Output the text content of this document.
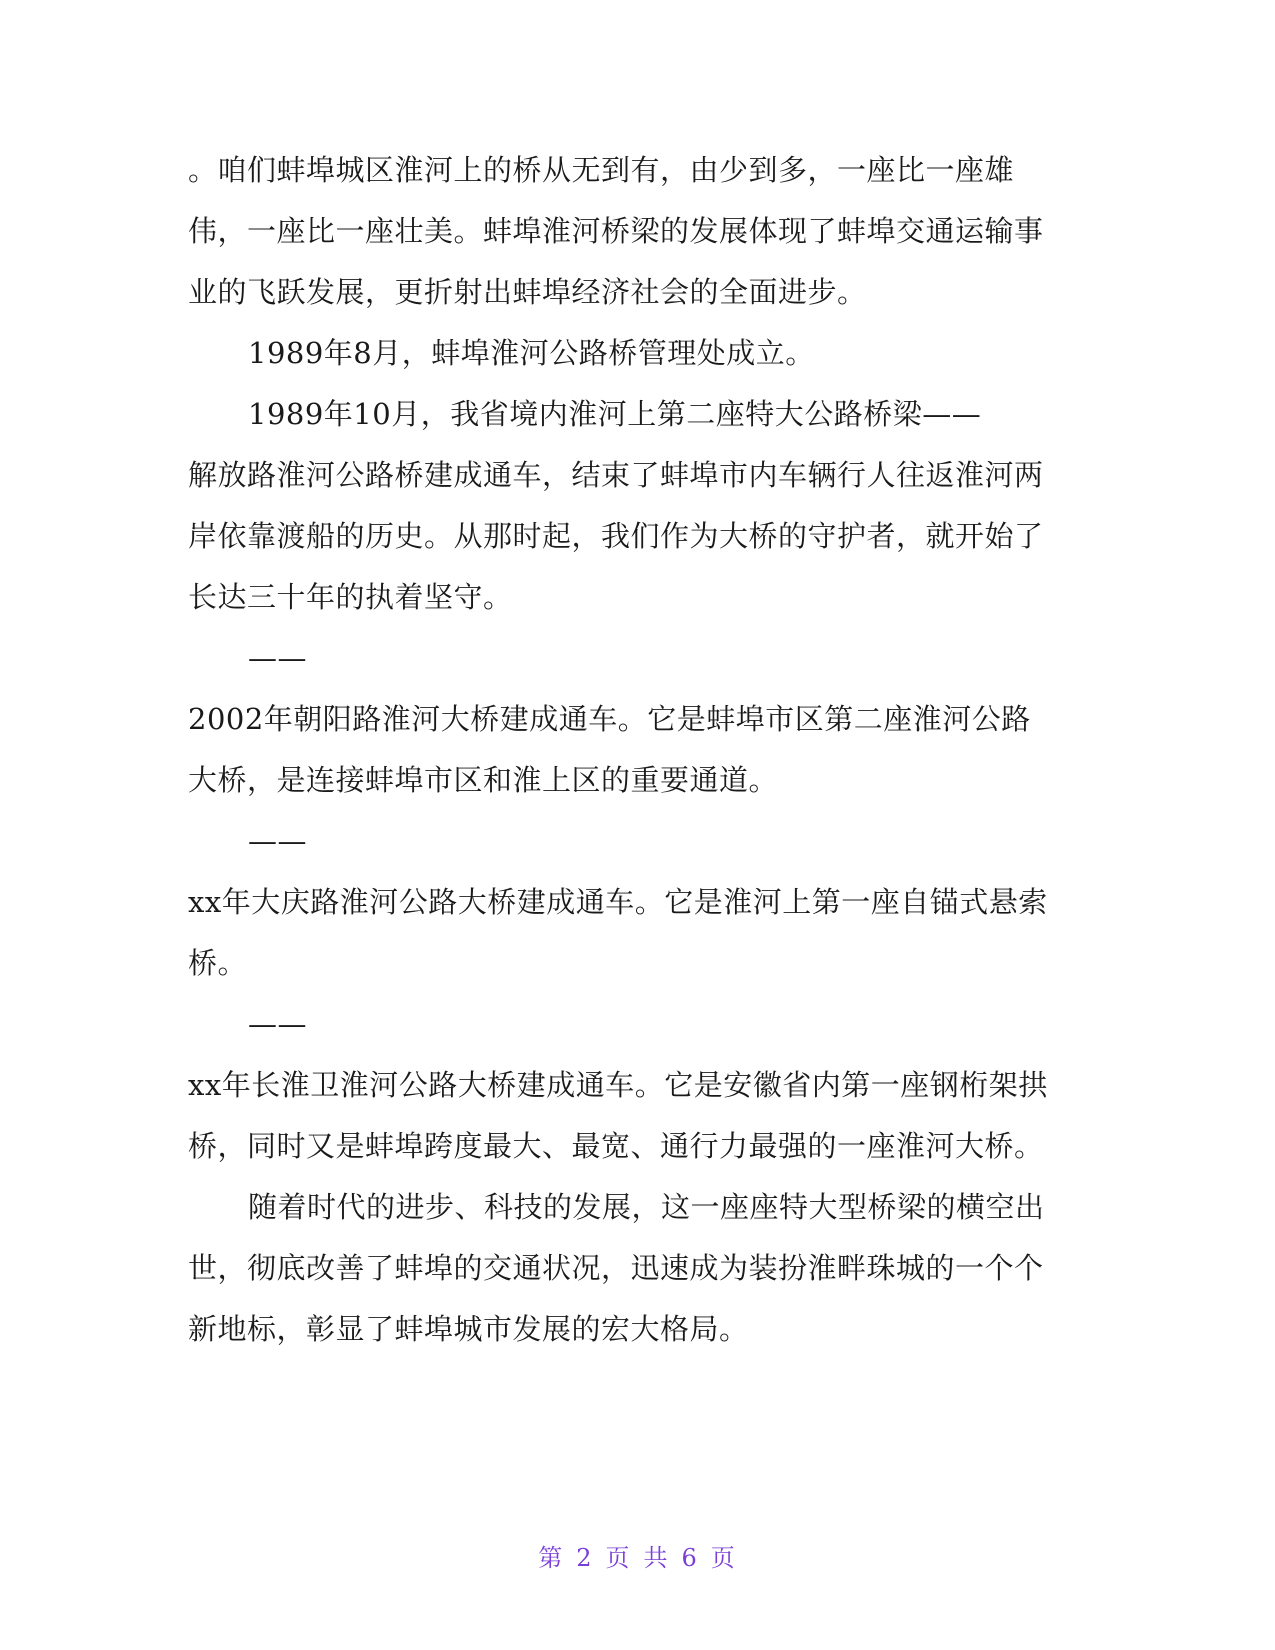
。咱们蚌埠城区淮河上的桥从无到有，由少到多，一座比一座雄伟，一座比一座壮美。蚌埠淮河桥梁的发展体现了蚌埠交通运输事业的飞跃发展，更折射出蚌埠经济社会的全面进步。

1989年8月，蚌埠淮河公路桥管理处成立。

1989年10月，我省境内淮河上第二座特大公路桥梁——

解放路淮河公路桥建成通车，结束了蚌埠市内车辆行人往返淮河两岸依靠渡船的历史。从那时起，我们作为大桥的守护者，就开始了长达三十年的执着坚守。

——

2002年朝阳路淮河大桥建成通车。它是蚌埠市区第二座淮河公路大桥，是连接蚌埠市区和淮上区的重要通道。

——

xx年大庆路淮河公路大桥建成通车。它是淮河上第一座自锚式悬索桥。

——

xx年长淮卫淮河公路大桥建成通车。它是安徽省内第一座钢桁架拱桥，同时又是蚌埠跨度最大、最宽、通行力最强的一座淮河大桥。

随着时代的进步、科技的发展，这一座座特大型桥梁的横空出世，彻底改善了蚌埠的交通状况，迅速成为装扮淮畔珠城的一个个新地标，彰显了蚌埠城市发展的宏大格局。

第 2 页 共 6 页
